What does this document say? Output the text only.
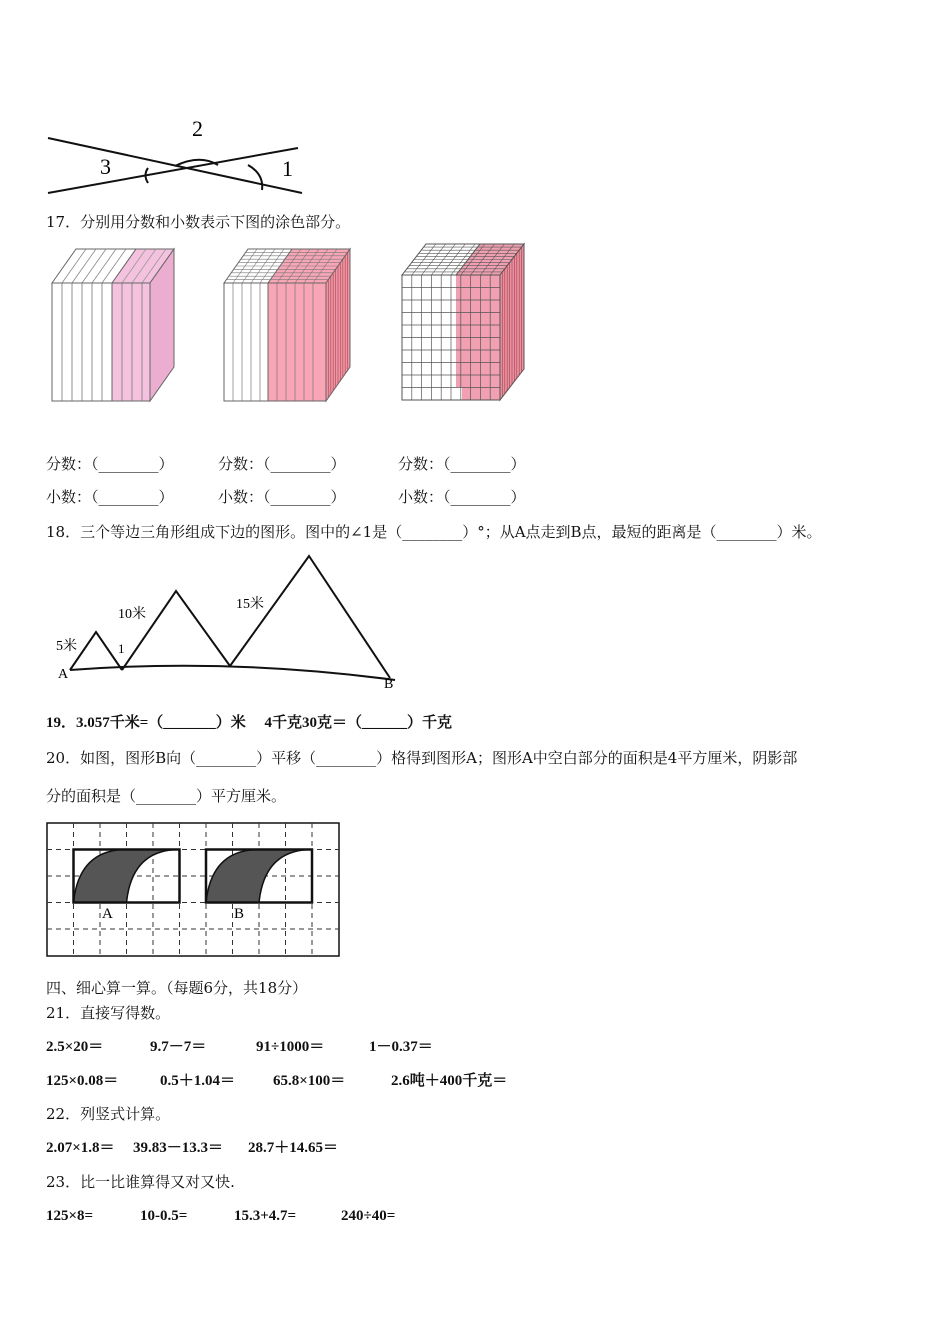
2
3	1
17．分别用分数和小数表示下图的涂色部分。
分数：（________）	分数：（________）	分数：（________）
小数：（________）	小数：（________）	小数：（________）
18．三个等边三角形组成下边的图形。图中的∠1是（________）°；从A点走到B点，最短的距离是（________）米。
5米
10米
15米
1
A
B
19．3.057千米=（_______）米　 4千克30克＝（______）千克
20．如图，图形B向（________）平移（________）格得到图形A；图形A中空白部分的面积是4平方厘米，阴影部
分的面积是（________）平方厘米。
A	B
四、细心算一算。（每题6分，共18分）
21．直接写得数。
2.5×20＝	9.7－7＝	91÷1000＝	1－0.37＝
125×0.08＝	0.5＋1.04＝	65.8×100＝	2.6吨＋400千克＝
22．列竖式计算。
2.07×1.8＝ 39.83－13.3＝ 28.7＋14.65＝
23．比一比谁算得又对又快.
125×8=	10-0.5=	15.3+4.7=	240÷40=
